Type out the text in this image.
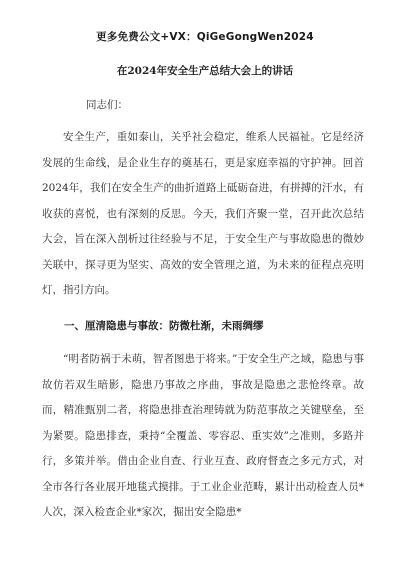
更多免费公文+VX：QiGeGongWen2024
在2024年安全生产总结大会上的讲话
同志们：

安全生产，重如泰山，关乎社会稳定，维系人民福祉。它是经济发展的生命线，是企业生存的奠基石，更是家庭幸福的守护神。回首2024年，我们在安全生产的曲折道路上砥砺奋进，有拼搏的汗水，有收获的喜悦，也有深刻的反思。今天，我们齐聚一堂，召开此次总结大会，旨在深入剖析过往经验与不足，于安全生产与事故隐患的微妙关联中，探寻更为坚实、高效的安全管理之道，为未来的征程点亮明灯，指引方向。

一、厘清隐患与事故：防微杜渐，未雨绸缪

“明者防祸于未萌，智者图患于将来。”于安全生产之域，隐患与事故仿若双生暗影，隐患乃事故之序曲，事故是隐患之悲怆终章。故而，精准甄别二者，将隐患排查治理铸就为防范事故之关键壁垒，至为紧要。隐患排查，秉持“全覆盖、零容忍、重实效”之准则，多路并行，多策并举。借由企业自查、行业互查、政府督查之多元方式，对全市各行各业展开地毯式摸排。于工业企业范畴，累计出动检查人员*人次，深入检查企业*家次，掘出安全隐患*
